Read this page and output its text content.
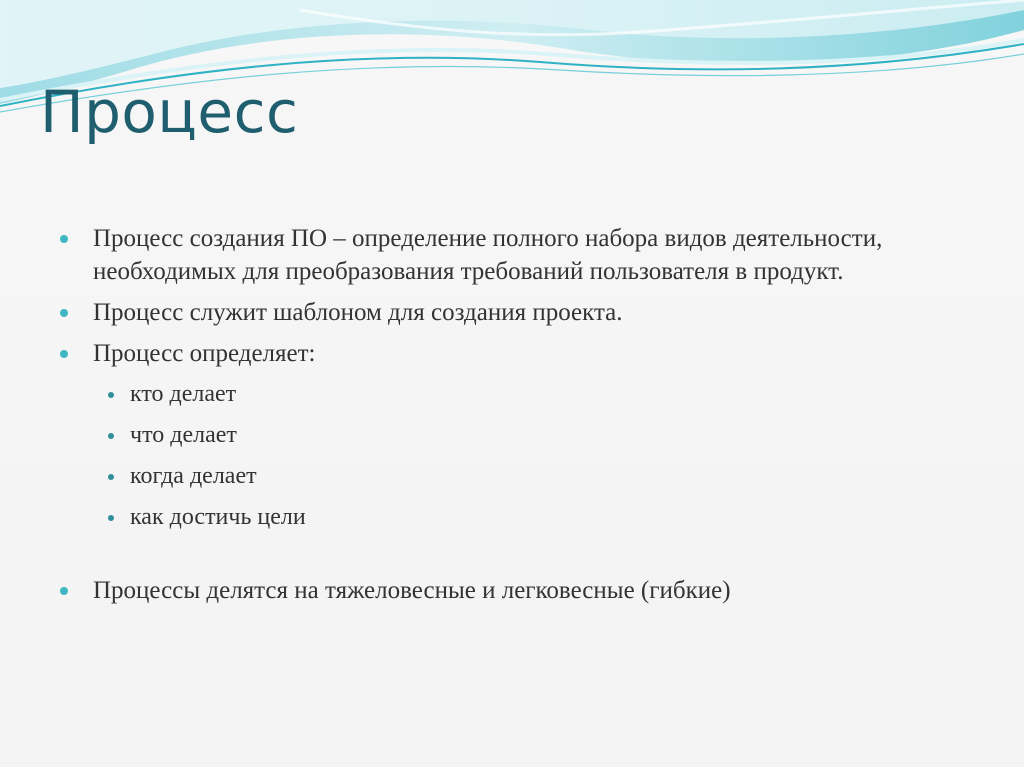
Процесс
Процесс создания ПО – определение полного набора видов деятельности, необходимых для преобразования требований пользователя в продукт.
Процесс служит шаблоном для создания проекта.
Процесс определяет:
кто делает
что делает
когда делает
как достичь цели
Процессы делятся на тяжеловесные и легковесные (гибкие)
